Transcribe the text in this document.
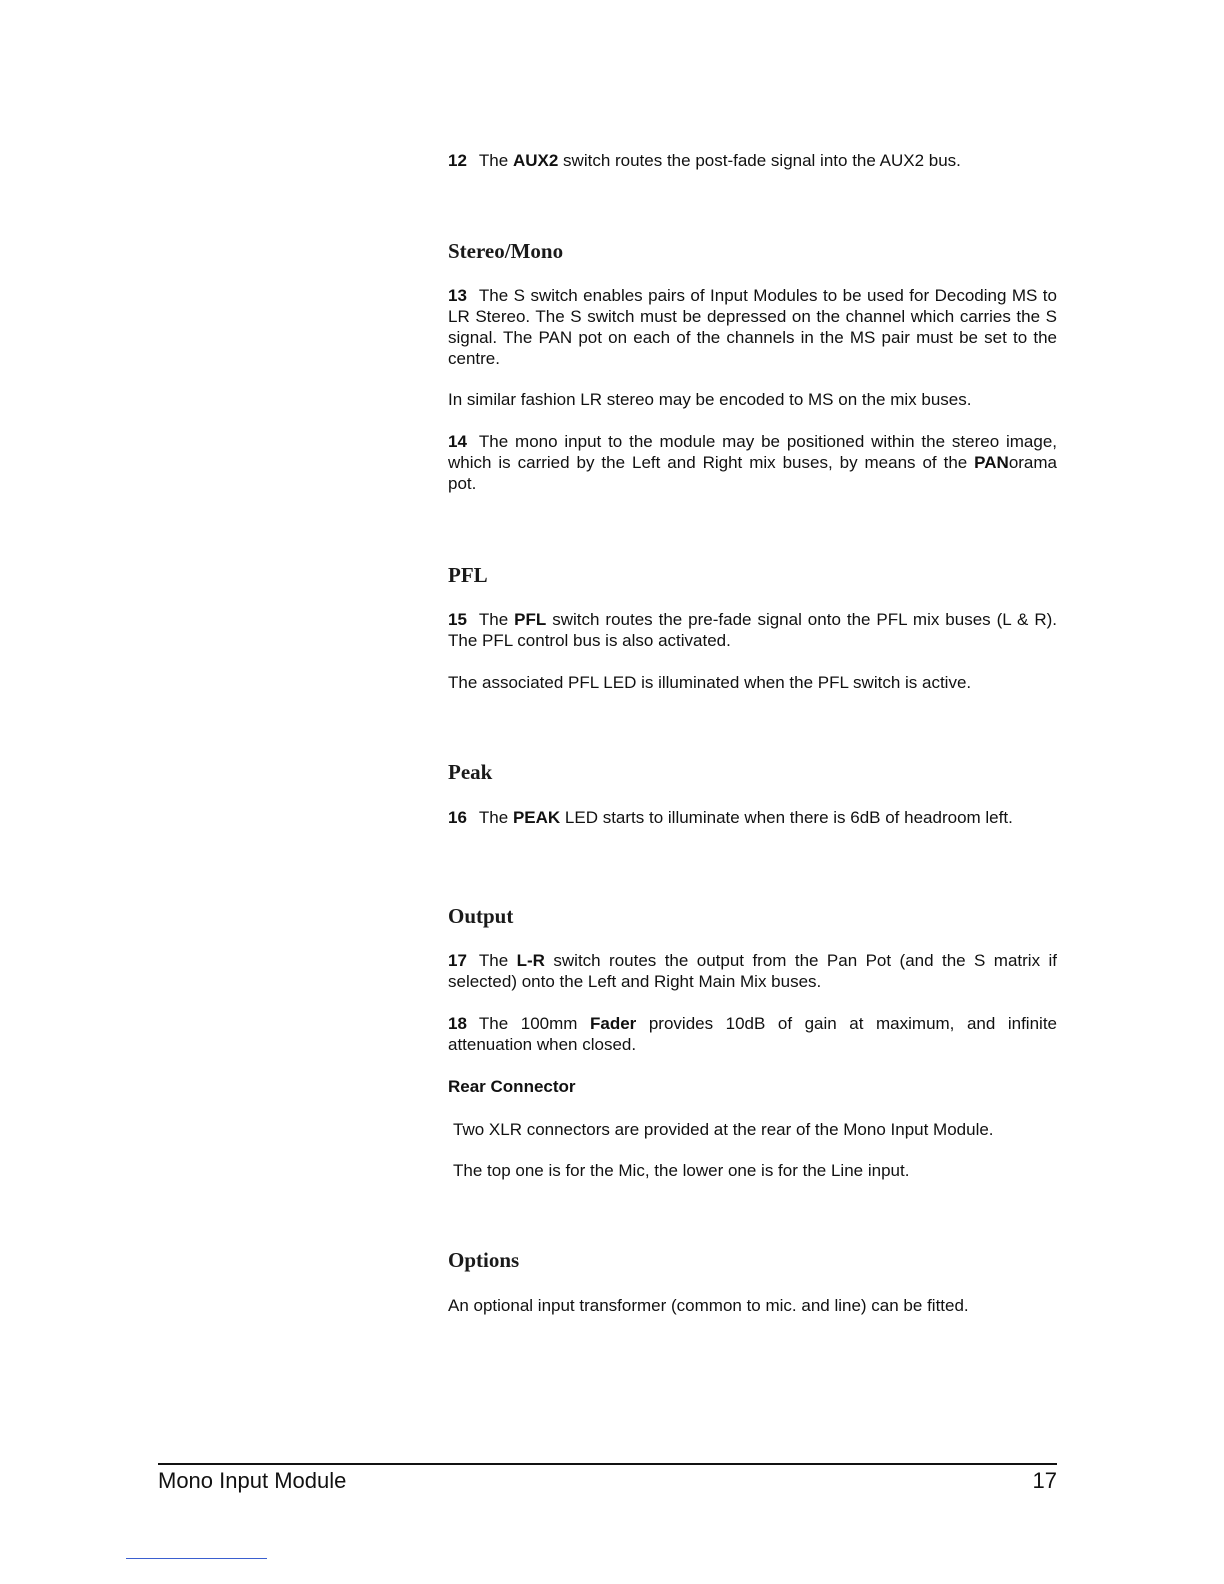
12 The AUX2 switch routes the post-fade signal into the AUX2 bus.

Stereo/Mono

13 The S switch enables pairs of Input Modules to be used for Decoding MS to LR Stereo. The S switch must be depressed on the channel which carries the S signal. The PAN pot on each of the channels in the MS pair must be set to the centre.

In similar fashion LR stereo may be encoded to MS on the mix buses.

14 The mono input to the module may be positioned within the stereo image, which is carried by the Left and Right mix buses, by means of the PANorama pot.

PFL

15 The PFL switch routes the pre-fade signal onto the PFL mix buses (L & R). The PFL control bus is also activated.

The associated PFL LED is illuminated when the PFL switch is active.

Peak

16 The PEAK LED starts to illuminate when there is 6dB of headroom left.

Output

17 The L-R switch routes the output from the Pan Pot (and the S matrix if selected) onto the Left and Right Main Mix buses.

18 The 100mm Fader provides 10dB of gain at maximum, and infinite attenuation when closed.

Rear Connector

Two XLR connectors are provided at the rear of the Mono Input Module.

The top one is for the Mic, the lower one is for the Line input.

Options

An optional input transformer (common to mic. and line) can be fitted.

Mono Input Module	17
